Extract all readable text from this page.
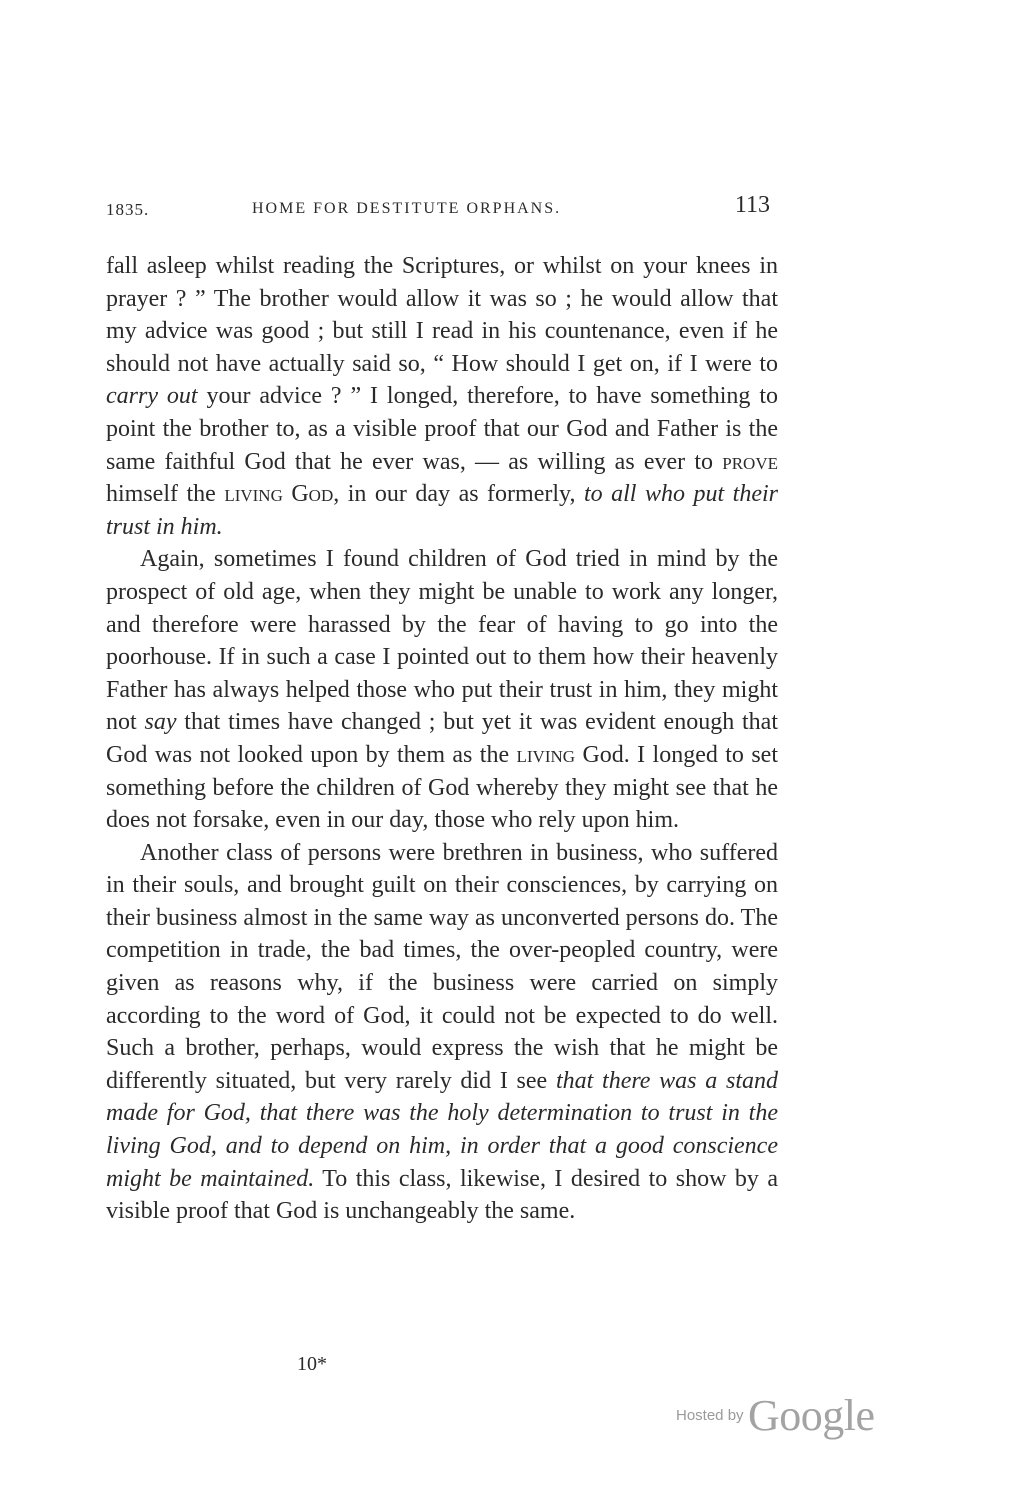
1835.	HOME FOR DESTITUTE ORPHANS.	113

fall asleep whilst reading the Scriptures, or whilst on your knees in prayer ? ” The brother would allow it was so ; he would allow that my advice was good ; but still I read in his countenance, even if he should not have actually said so, “ How should I get on, if I were to carry out your advice ? ” I longed, therefore, to have something to point the brother to, as a visible proof that our God and Father is the same faithful God that he ever was, — as willing as ever to prove himself the living God, in our day as formerly, to all who put their trust in him.

Again, sometimes I found children of God tried in mind by the prospect of old age, when they might be unable to work any longer, and therefore were harassed by the fear of having to go into the poorhouse. If in such a case I pointed out to them how their heavenly Father has always helped those who put their trust in him, they might not say that times have changed ; but yet it was evident enough that God was not looked upon by them as the living God. I longed to set something before the children of God whereby they might see that he does not forsake, even in our day, those who rely upon him.

Another class of persons were brethren in business, who suffered in their souls, and brought guilt on their consciences, by carrying on their business almost in the same way as unconverted persons do. The competition in trade, the bad times, the over-peopled country, were given as reasons why, if the business were carried on simply according to the word of God, it could not be expected to do well. Such a brother, perhaps, would express the wish that he might be differently situated, but very rarely did I see that there was a stand made for God, that there was the holy determination to trust in the living God, and to depend on him, in order that a good conscience might be maintained. To this class, likewise, I desired to show by a visible proof that God is unchangeably the same.

10*
Hosted by Google
